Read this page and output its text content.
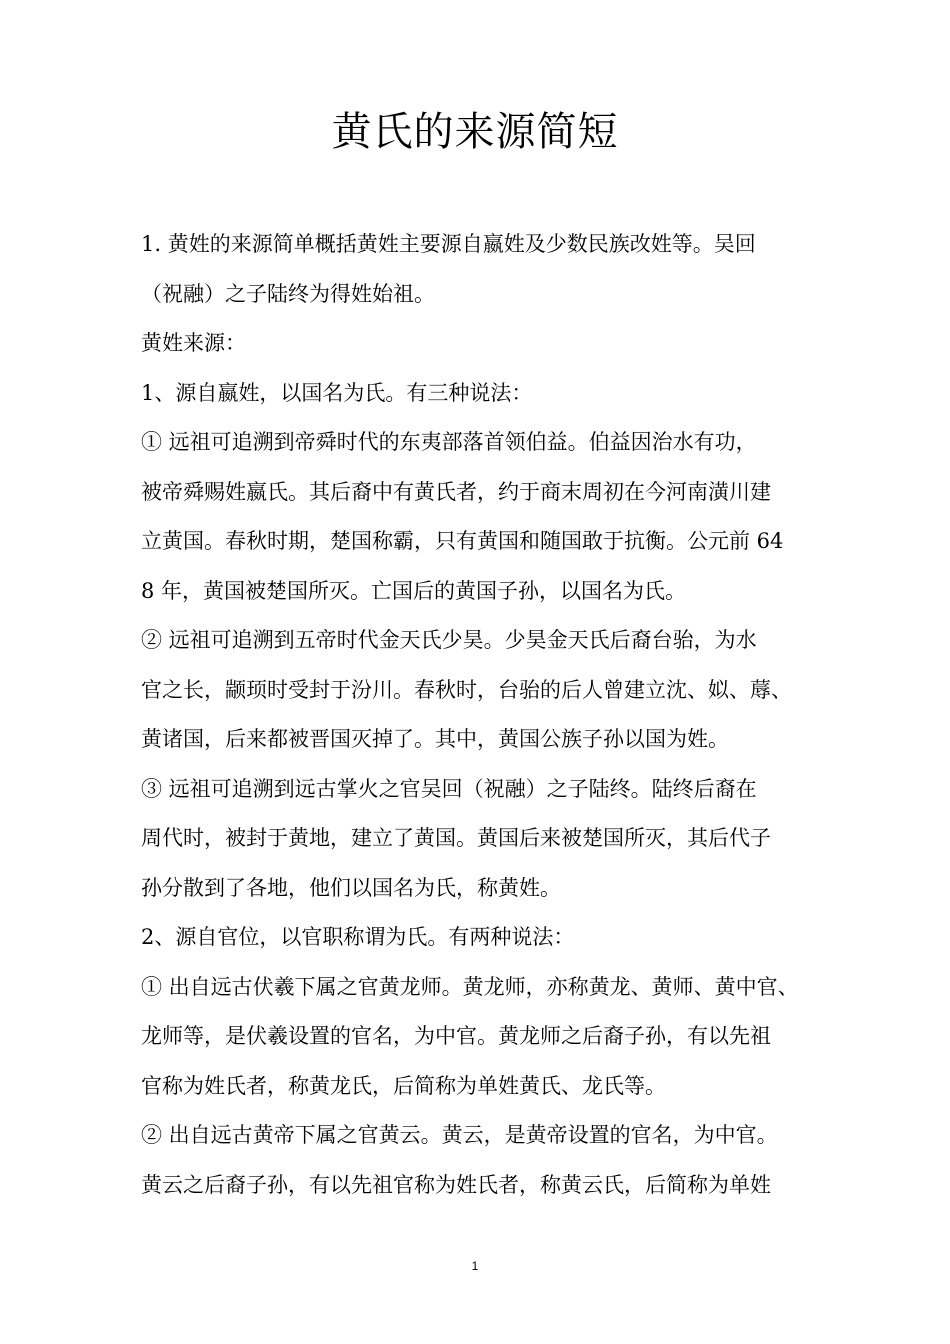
黄氏的来源简短
1. 黄姓的来源简单概括黄姓主要源自嬴姓及少数民族改姓等。吴回
（祝融）之子陆终为得姓始祖。
黄姓来源：
1、源自嬴姓，以国名为氏。有三种说法：
① 远祖可追溯到帝舜时代的东夷部落首领伯益。伯益因治水有功，
被帝舜赐姓嬴氏。其后裔中有黄氏者，约于商末周初在今河南潢川建
立黄国。春秋时期，楚国称霸，只有黄国和随国敢于抗衡。公元前 64
8 年，黄国被楚国所灭。亡国后的黄国子孙，以国名为氏。
② 远祖可追溯到五帝时代金天氏少昊。少昊金天氏后裔台骀，为水
官之长，颛顼时受封于汾川。春秋时，台骀的后人曾建立沈、姒、蓐、
黄诸国，后来都被晋国灭掉了。其中，黄国公族子孙以国为姓。
③ 远祖可追溯到远古掌火之官吴回（祝融）之子陆终。陆终后裔在
周代时，被封于黄地，建立了黄国。黄国后来被楚国所灭，其后代子
孙分散到了各地，他们以国名为氏，称黄姓。
2、源自官位，以官职称谓为氏。有两种说法：
① 出自远古伏羲下属之官黄龙师。黄龙师，亦称黄龙、黄师、黄中官、
龙师等，是伏羲设置的官名，为中官。黄龙师之后裔子孙，有以先祖
官称为姓氏者，称黄龙氏，后简称为单姓黄氏、龙氏等。
② 出自远古黄帝下属之官黄云。黄云，是黄帝设置的官名，为中官。
黄云之后裔子孙，有以先祖官称为姓氏者，称黄云氏，后简称为单姓
1
